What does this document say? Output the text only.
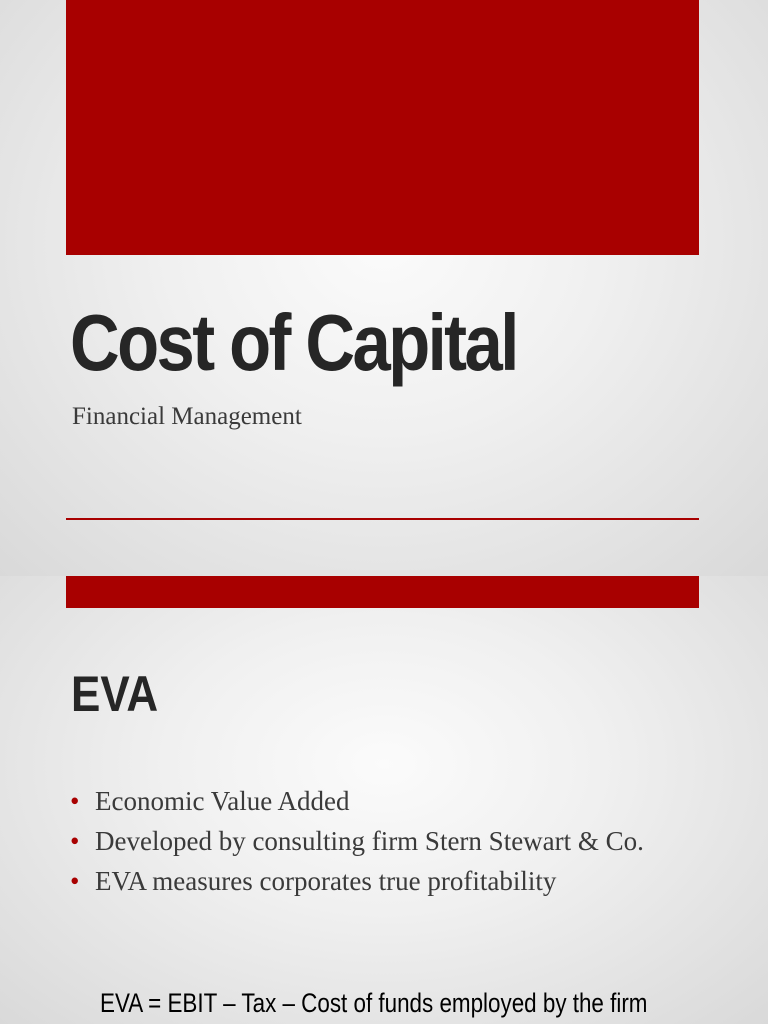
Cost of Capital
Financial Management
EVA
• Economic Value Added
• Developed by consulting firm Stern Stewart & Co.
• EVA measures corporates true profitability

EVA = EBIT – Tax – Cost of funds employed by the firm
